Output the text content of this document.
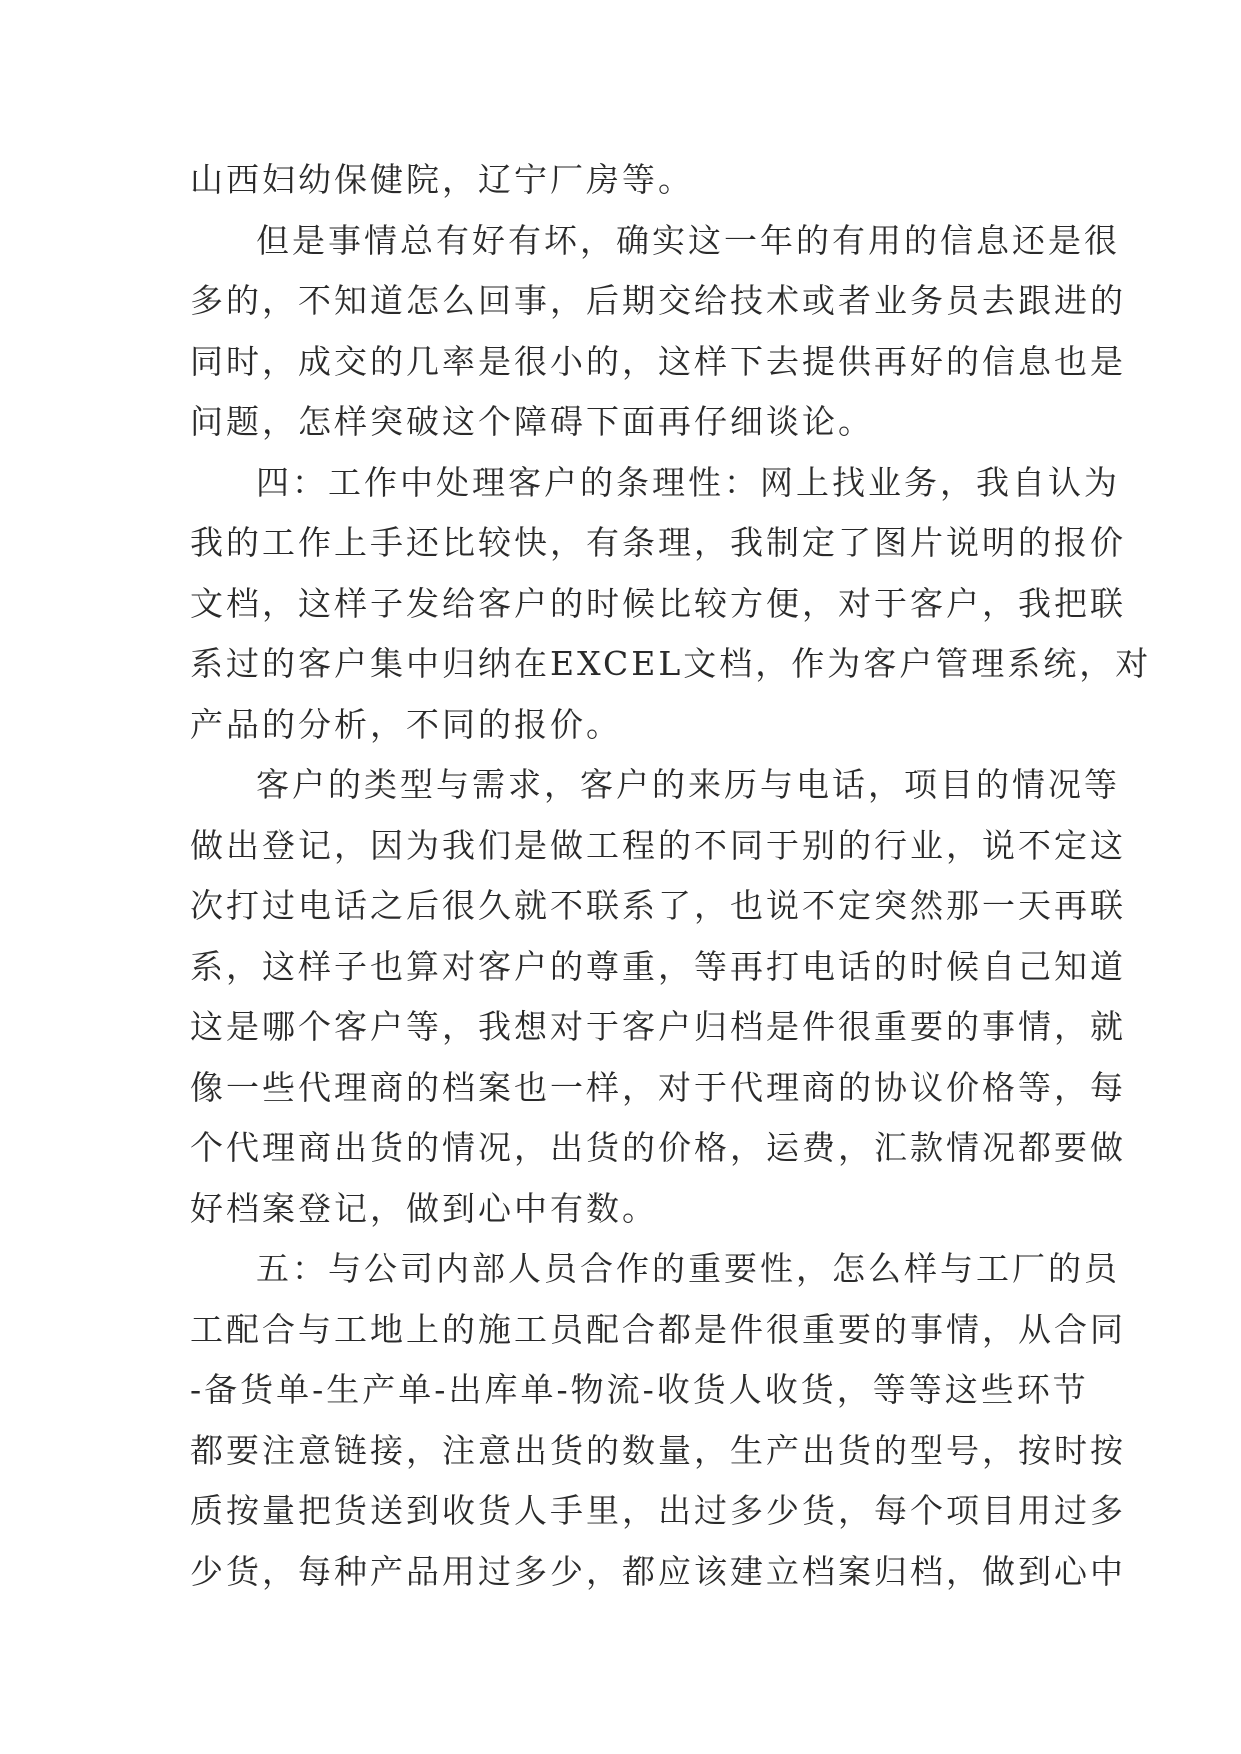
山西妇幼保健院，辽宁厂房等。
但是事情总有好有坏，确实这一年的有用的信息还是很
多的，不知道怎么回事，后期交给技术或者业务员去跟进的
同时，成交的几率是很小的，这样下去提供再好的信息也是
问题，怎样突破这个障碍下面再仔细谈论。
四：工作中处理客户的条理性：网上找业务，我自认为
我的工作上手还比较快，有条理，我制定了图片说明的报价
文档，这样子发给客户的时候比较方便，对于客户，我把联
系过的客户集中归纳在EXCEL文档，作为客户管理系统，对
产品的分析，不同的报价。
客户的类型与需求，客户的来历与电话，项目的情况等
做出登记，因为我们是做工程的不同于别的行业，说不定这
次打过电话之后很久就不联系了，也说不定突然那一天再联
系，这样子也算对客户的尊重，等再打电话的时候自己知道
这是哪个客户等，我想对于客户归档是件很重要的事情，就
像一些代理商的档案也一样，对于代理商的协议价格等，每
个代理商出货的情况，出货的价格，运费，汇款情况都要做
好档案登记，做到心中有数。
五：与公司内部人员合作的重要性，怎么样与工厂的员
工配合与工地上的施工员配合都是件很重要的事情，从合同
-备货单-生产单-出库单-物流-收货人收货，等等这些环节
都要注意链接，注意出货的数量，生产出货的型号，按时按
质按量把货送到收货人手里，出过多少货，每个项目用过多
少货，每种产品用过多少，都应该建立档案归档，做到心中
